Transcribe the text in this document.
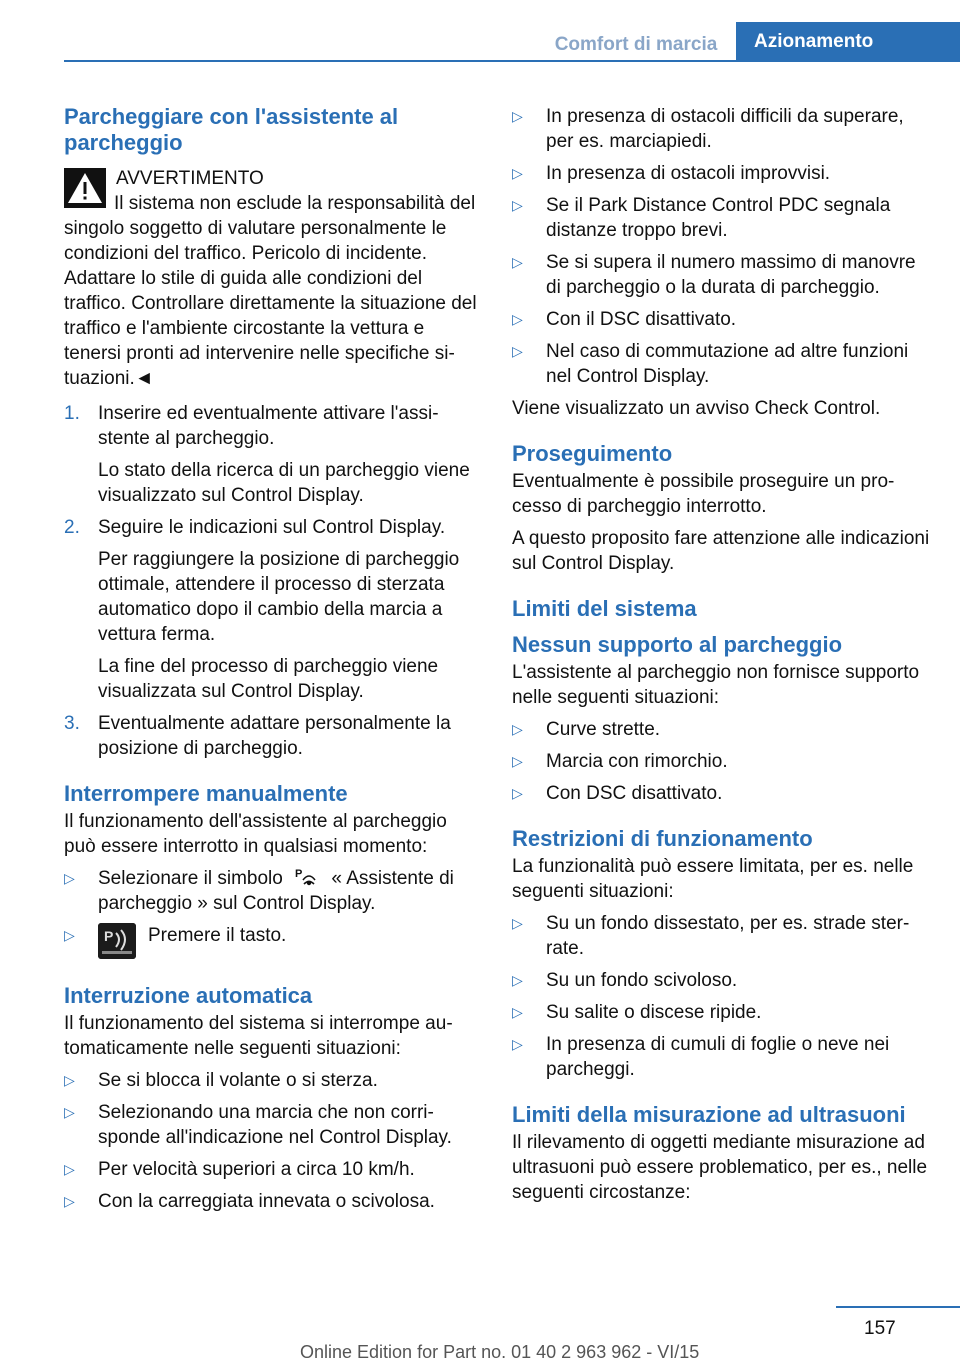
Comfort di marcia	Azionamento
Parcheggiare con l'assistente al parcheggio
AVVERTIMENTO
Il sistema non esclude la responsabilità del singolo soggetto di valutare personalmente le condizioni del traffico. Pericolo di incidente. Adattare lo stile di guida alle condizioni del traffico. Controllare direttamente la situazione del traffico e l'ambiente circostante la vettura e tenersi pronti ad intervenire nelle specifiche situazioni.◄
1. Inserire ed eventualmente attivare l'assistente al parcheggio.
Lo stato della ricerca di un parcheggio viene visualizzato sul Control Display.
2. Seguire le indicazioni sul Control Display.
Per raggiungere la posizione di parcheggio ottimale, attendere il processo di sterzata automatico dopo il cambio della marcia a vettura ferma.
La fine del processo di parcheggio viene visualizzata sul Control Display.
3. Eventualmente adattare personalmente la posizione di parcheggio.
Interrompere manualmente

Il funzionamento dell'assistente al parcheggio può essere interrotto in qualsiasi momento:

▷ Selezionare il simbolo P « Assistente di parcheggio » sul Control Display.
▷ P Premere il tasto.
Interruzione automatica

Il funzionamento del sistema si interrompe automaticamente nelle seguenti situazioni:

▷ Se si blocca il volante o si sterza.
▷ Selezionando una marcia che non corrisponde all'indicazione nel Control Display.
▷ Per velocità superiori a circa 10 km/h.
▷ Con la carreggiata innevata o scivolosa.
▷ In presenza di ostacoli difficili da superare, per es. marciapiedi.
▷ In presenza di ostacoli improvvisi.
▷ Se il Park Distance Control PDC segnala distanze troppo brevi.
▷ Se si supera il numero massimo di manovre di parcheggio o la durata di parcheggio.
▷ Con il DSC disattivato.
▷ Nel caso di commutazione ad altre funzioni nel Control Display.

Viene visualizzato un avviso Check Control.

Proseguimento

Eventualmente è possibile proseguire un processo di parcheggio interrotto.

A questo proposito fare attenzione alle indicazioni sul Control Display.

Limiti del sistema
Nessun supporto al parcheggio

L'assistente al parcheggio non fornisce supporto nelle seguenti situazioni:

▷ Curve strette.
▷ Marcia con rimorchio.
▷ Con DSC disattivato.
Restrizioni di funzionamento

La funzionalità può essere limitata, per es. nelle seguenti situazioni:

▷ Su un fondo dissestato, per es. strade sterrate.
▷ Su un fondo scivoloso.
▷ Su salite o discese ripide.
▷ In presenza di cumuli di foglie o neve nei parcheggi.
Limiti della misurazione ad ultrasuoni

Il rilevamento di oggetti mediante misurazione ad ultrasuoni può essere problematico, per es., nelle seguenti circostanze:

157
Online Edition for Part no. 01 40 2 963 962 - VI/15
